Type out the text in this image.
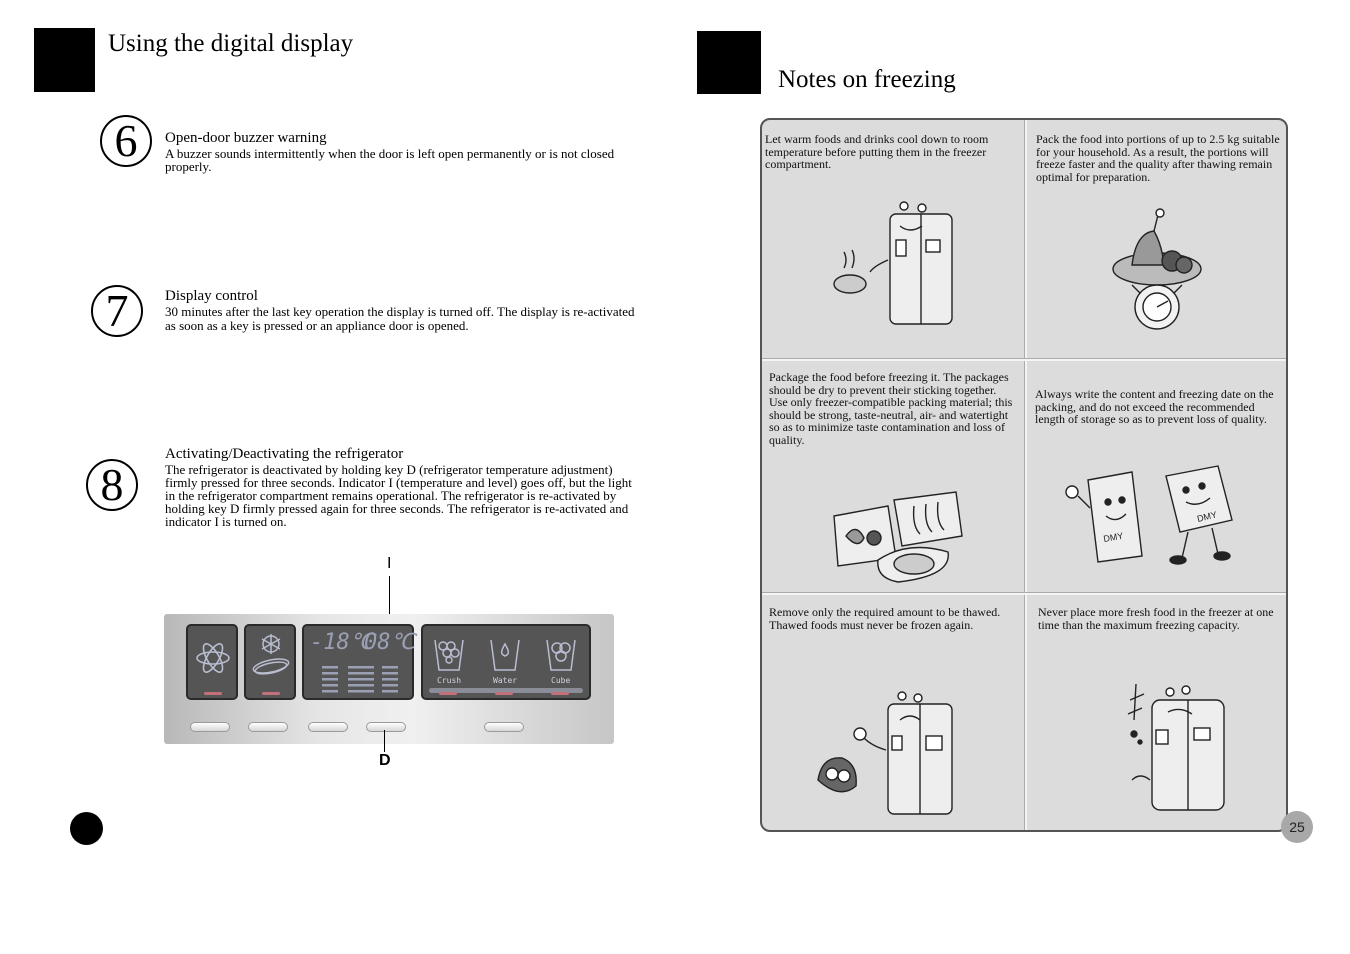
Using the digital display
6 Open-door buzzer warning
A buzzer sounds intermittently when the door is left open permanently or is not closed properly.
7 Display control
30 minutes after the last key operation the display is turned off. The display is re-activated as soon as a key is pressed or an appliance door is opened.
8
Activating/Deactivating the refrigerator
The refrigerator is deactivated by holding key D (refrigerator temperature adjustment) firmly pressed for three seconds. Indicator I (temperature and level) goes off, but the light in the refrigerator compartment remains operational. The refrigerator is re-activated by holding key D firmly pressed again for three seconds. The refrigerator is re-activated and indicator I is turned on.
I
-18℃
08℃
Crush	Water	Cube
D
Notes on freezing
Let warm foods and drinks cool down to room temperature before putting them in the freezer compartment.
Pack the food into portions of up to 2.5 kg suitable for your household. As a result, the portions will freeze faster and the quality after thawing remain optimal for preparation.
Package the food before freezing it. The packages should be dry to prevent their sticking together. Use only freezer-compatible packing material; this should be strong, taste-neutral, air- and watertight so as to minimize taste contamination and loss of quality.
Always write the content and freezing date on the packing, and do not exceed the recommended length of storage so as to prevent loss of quality.
DMY
DMY
Remove only the required amount to be thawed. Thawed foods must never be frozen again.
Never place more fresh food in the freezer at one time than the maximum freezing capacity.
25
